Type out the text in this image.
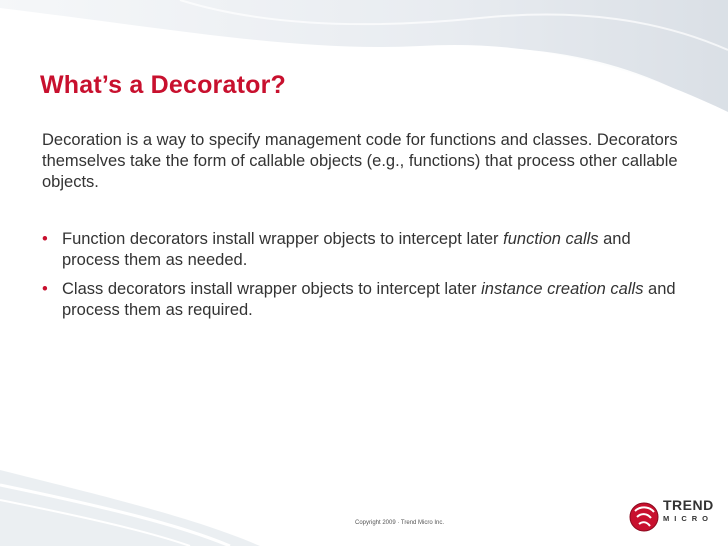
What’s a Decorator?

Decoration is a way to specify management code for functions and classes. Decorators themselves take the form of callable objects (e.g., functions) that process other callable objects.

• Function decorators install wrapper objects to intercept later function calls and process them as needed.
• Class decorators install wrapper objects to intercept later instance creation calls and process them as required.
Copyright 2009 · Trend Micro Inc.
TREND
MICRO
